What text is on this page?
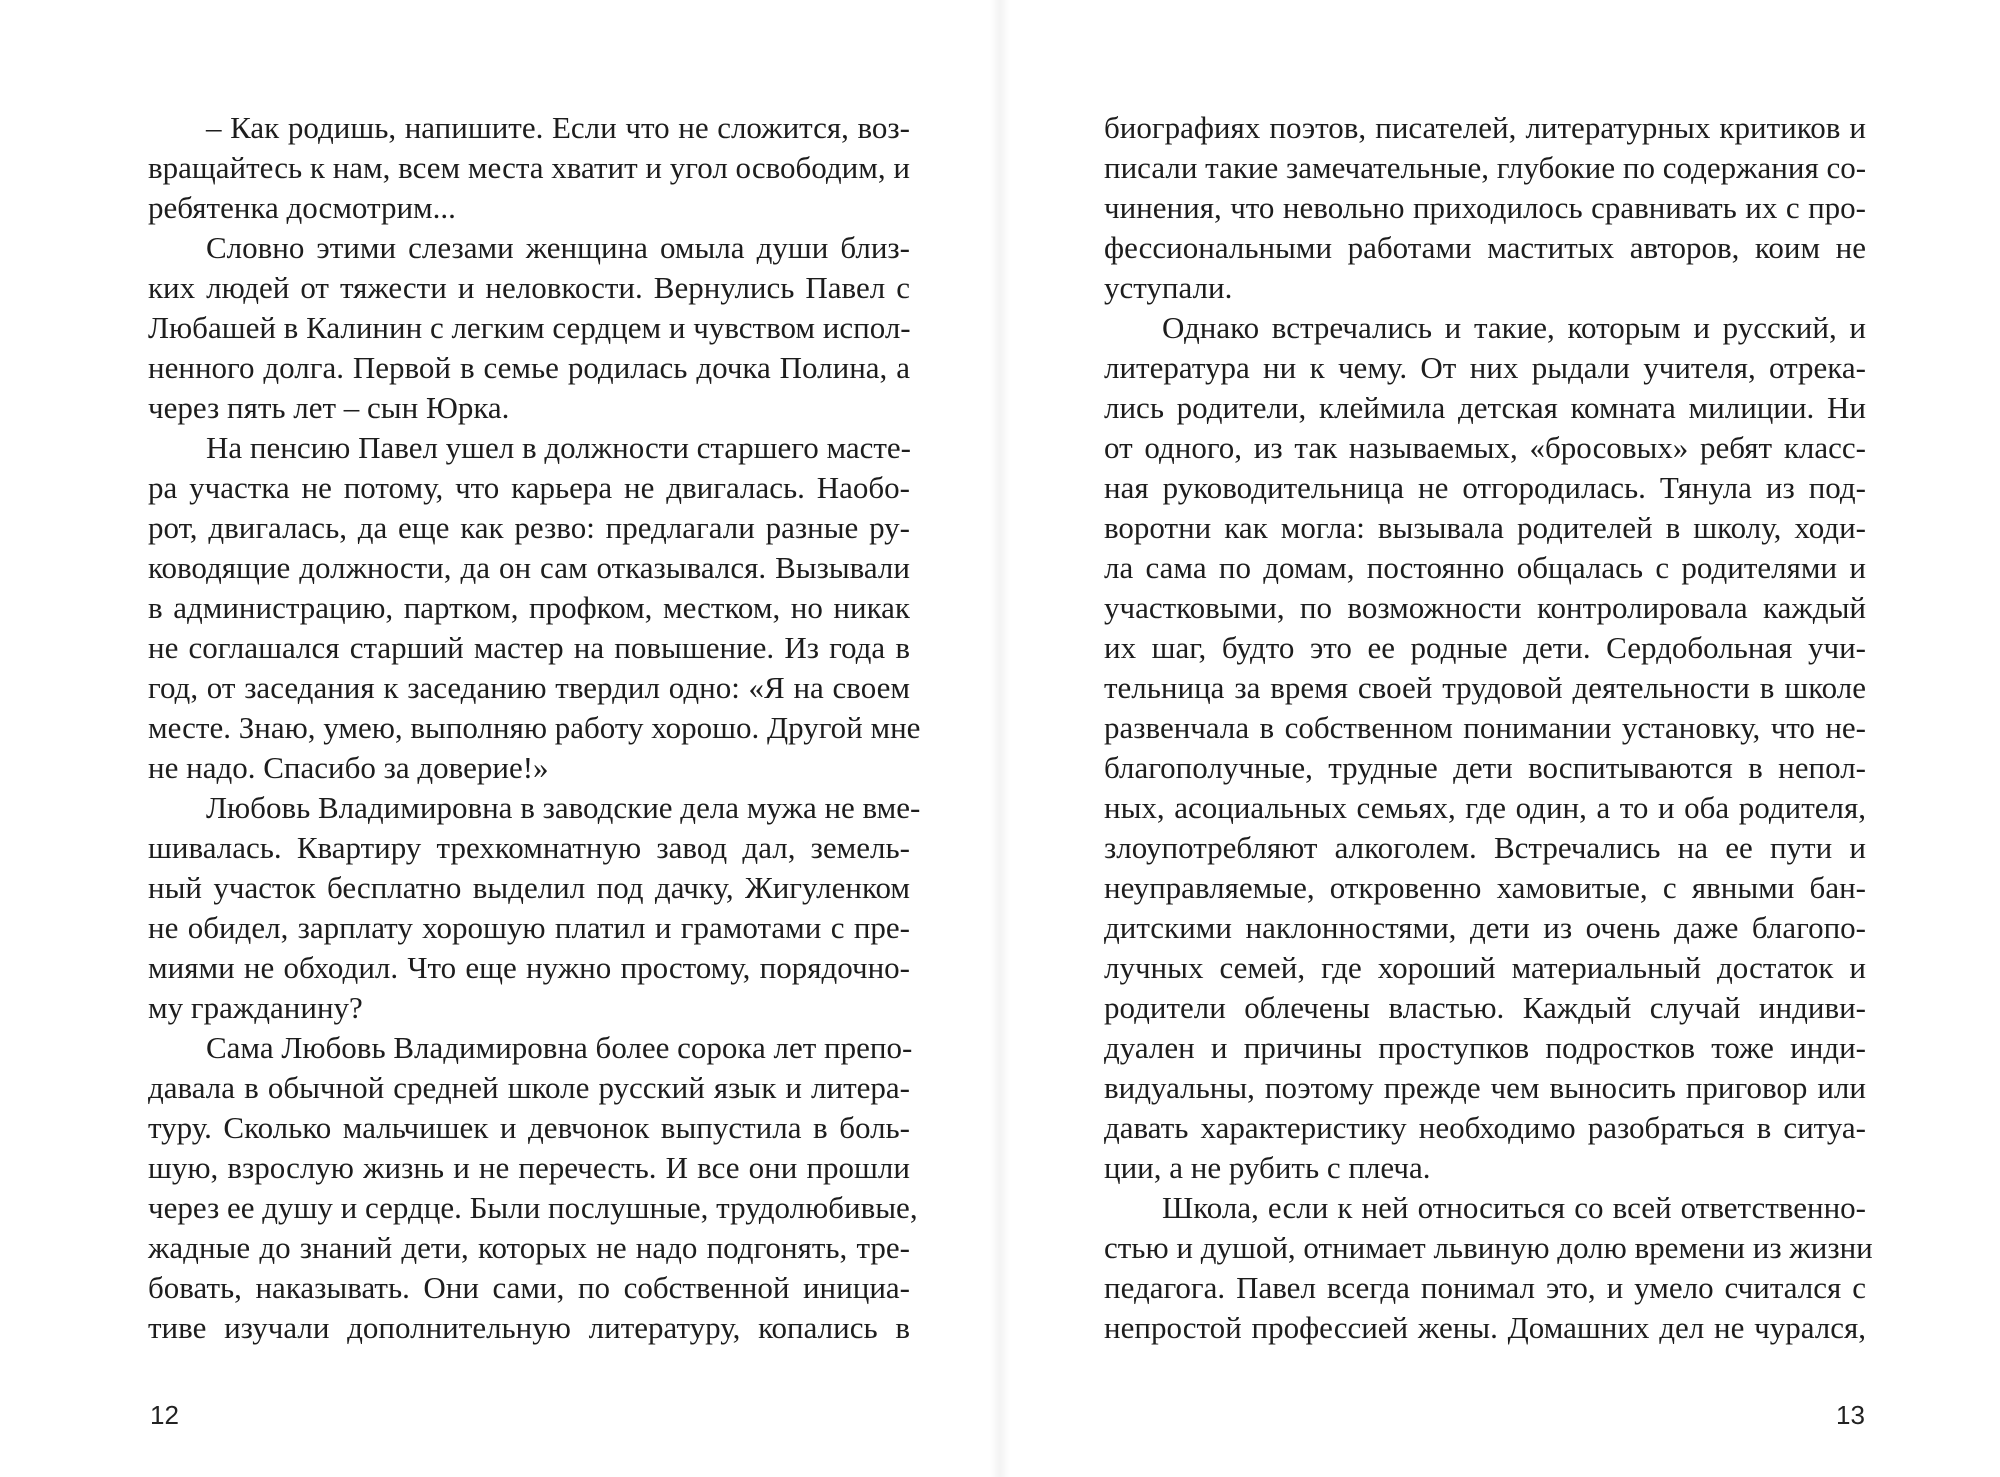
– Как родишь, напишите. Если что не сложится, воз-
вращайтесь к нам, всем места хватит и угол освободим, и
ребятенка досмотрим...
Словно этими слезами женщина омыла души близ-
ких людей от тяжести и неловкости. Вернулись Павел с
Любашей в Калинин с легким сердцем и чувством испол-
ненного долга. Первой в семье родилась дочка Полина, а
через пять лет – сын Юрка.
На пенсию Павел ушел в должности старшего масте-
ра участка не потому, что карьера не двигалась. Наобо-
рот, двигалась, да еще как резво: предлагали разные ру-
ководящие должности, да он сам отказывался. Вызывали
в администрацию, партком, профком, местком, но никак
не соглашался старший мастер на повышение. Из года в
год, от заседания к заседанию твердил одно: «Я на своем
месте. Знаю, умею, выполняю работу хорошо. Другой мне
не надо. Спасибо за доверие!»
Любовь Владимировна в заводские дела мужа не вме-
шивалась. Квартиру трехкомнатную завод дал, земель-
ный участок бесплатно выделил под дачку, Жигуленком
не обидел, зарплату хорошую платил и грамотами с пре-
миями не обходил. Что еще нужно простому, порядочно-
му гражданину?
Сама Любовь Владимировна более сорока лет препо-
давала в обычной средней школе русский язык и литера-
туру. Сколько мальчишек и девчонок выпустила в боль-
шую, взрослую жизнь и не перечесть. И все они прошли
через ее душу и сердце. Были послушные, трудолюбивые,
жадные до знаний дети, которых не надо подгонять, тре-
бовать, наказывать. Они сами, по собственной инициа-
тиве изучали дополнительную литературу, копались в
биографиях поэтов, писателей, литературных критиков и
писали такие замечательные, глубокие по содержания со-
чинения, что невольно приходилось сравнивать их с про-
фессиональными работами маститых авторов, коим не
уступали.
Однако встречались и такие, которым и русский, и
литература ни к чему. От них рыдали учителя, отрека-
лись родители, клеймила детская комната милиции. Ни
от одного, из так называемых, «бросовых» ребят класс-
ная руководительница не отгородилась. Тянула из под-
воротни как могла: вызывала родителей в школу, ходи-
ла сама по домам, постоянно общалась с родителями и
участковыми, по возможности контролировала каждый
их шаг, будто это ее родные дети. Сердобольная учи-
тельница за время своей трудовой деятельности в школе
развенчала в собственном понимании установку, что не-
благополучные, трудные дети воспитываются в непол-
ных, асоциальных семьях, где один, а то и оба родителя,
злоупотребляют алкоголем. Встречались на ее пути и
неуправляемые, откровенно хамовитые, с явными бан-
дитскими наклонностями, дети из очень даже благопо-
лучных семей, где хороший материальный достаток и
родители облечены властью. Каждый случай индиви-
дуален и причины проступков подростков тоже инди-
видуальны, поэтому прежде чем выносить приговор или
давать характеристику необходимо разобраться в ситуа-
ции, а не рубить с плеча.
Школа, если к ней относиться со всей ответственно-
стью и душой, отнимает львиную долю времени из жизни
педагога. Павел всегда понимал это, и умело считался с
непростой профессией жены. Домашних дел не чурался,
12	13
